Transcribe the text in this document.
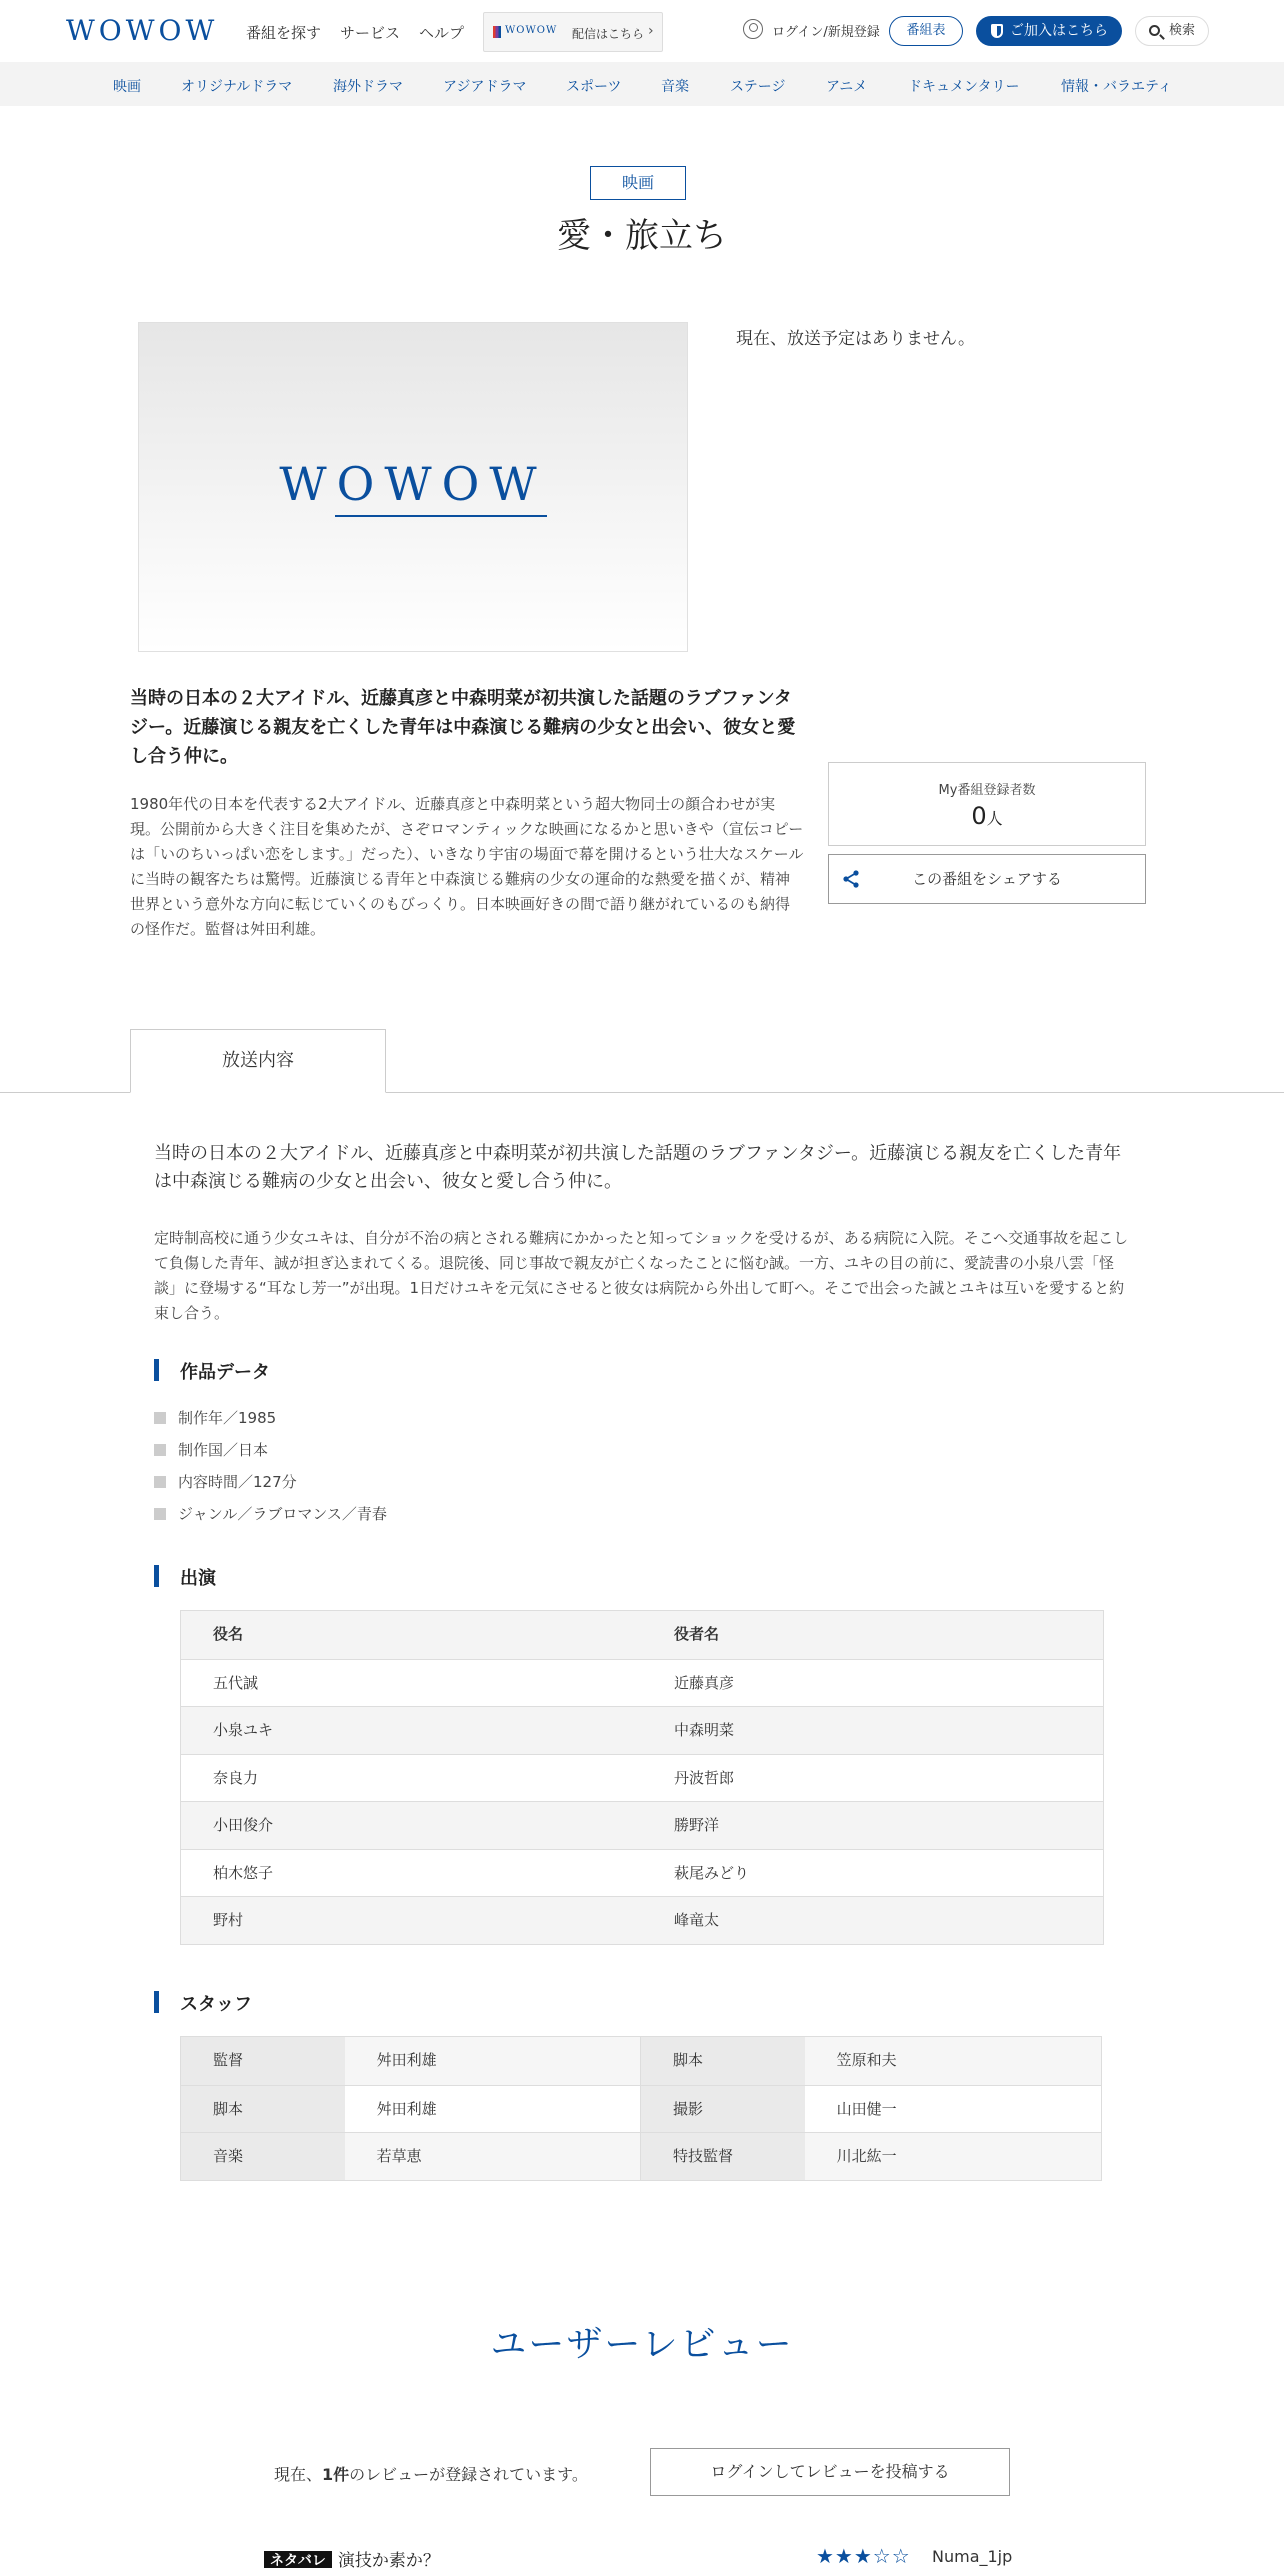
WOWOW 番組を探す サービス ヘルプ	WOWOW 配信はこちら ›	ログイン/新規登録	番組表	ご加入はこちら	検索
映画	オリジナルドラマ	海外ドラマ	アジアドラマ	スポーツ	音楽	ステージ	アニメ	ドキュメンタリー	情報・バラエティ
映画
愛・旅立ち
WOWOW

現在、放送予定はありません。

当時の日本の２大アイドル、近藤真彦と中森明菜が初共演した話題のラブファンタジー。近藤演じる親友を亡くした青年は中森演じる難病の少女と出会い、彼女と愛し合う仲に。

1980年代の日本を代表する2大アイドル、近藤真彦と中森明菜という超大物同士の顔合わせが実現。公開前から大きく注目を集めたが、さぞロマンティックな映画になるかと思いきや（宣伝コピーは「いのちいっぱい恋をします。」だった）、いきなり宇宙の場面で幕を開けるという壮大なスケールに当時の観客たちは驚愕。近藤演じる青年と中森演じる難病の少女の運命的な熱愛を描くが、精神世界という意外な方向に転じていくのもびっくり。日本映画好きの間で語り継がれているのも納得の怪作だ。監督は舛田利雄。

My番組登録者数
0人
この番組をシェアする
放送内容

当時の日本の２大アイドル、近藤真彦と中森明菜が初共演した話題のラブファンタジー。近藤演じる親友を亡くした青年は中森演じる難病の少女と出会い、彼女と愛し合う仲に。

定時制高校に通う少女ユキは、自分が不治の病とされる難病にかかったと知ってショックを受けるが、ある病院に入院。そこへ交通事故を起こして負傷した青年、誠が担ぎ込まれてくる。退院後、同じ事故で親友が亡くなったことに悩む誠。一方、ユキの目の前に、愛読書の小泉八雲「怪談」に登場する“耳なし芳一”が出現。1日だけユキを元気にさせると彼女は病院から外出して町へ。そこで出会った誠とユキは互いを愛すると約束し合う。

作品データ
制作年／1985
制作国／日本
内容時間／127分
ジャンル／ラブロマンス／青春
出演
役名	役者名
五代誠	近藤真彦
小泉ユキ	中森明菜
奈良力	丹波哲郎
小田俊介	勝野洋
柏木悠子	萩尾みどり
野村	峰竜太
スタッフ
監督	舛田利雄	脚本	笠原和夫
脚本	舛田利雄	撮影	山田健一
音楽	若草恵	特技監督	川北紘一
ユーザーレビュー

現在、1件のレビューが登録されています。	ログインしてレビューを投稿する
ネタバレ 演技か素か？	★★★☆☆ Numa_1jp
